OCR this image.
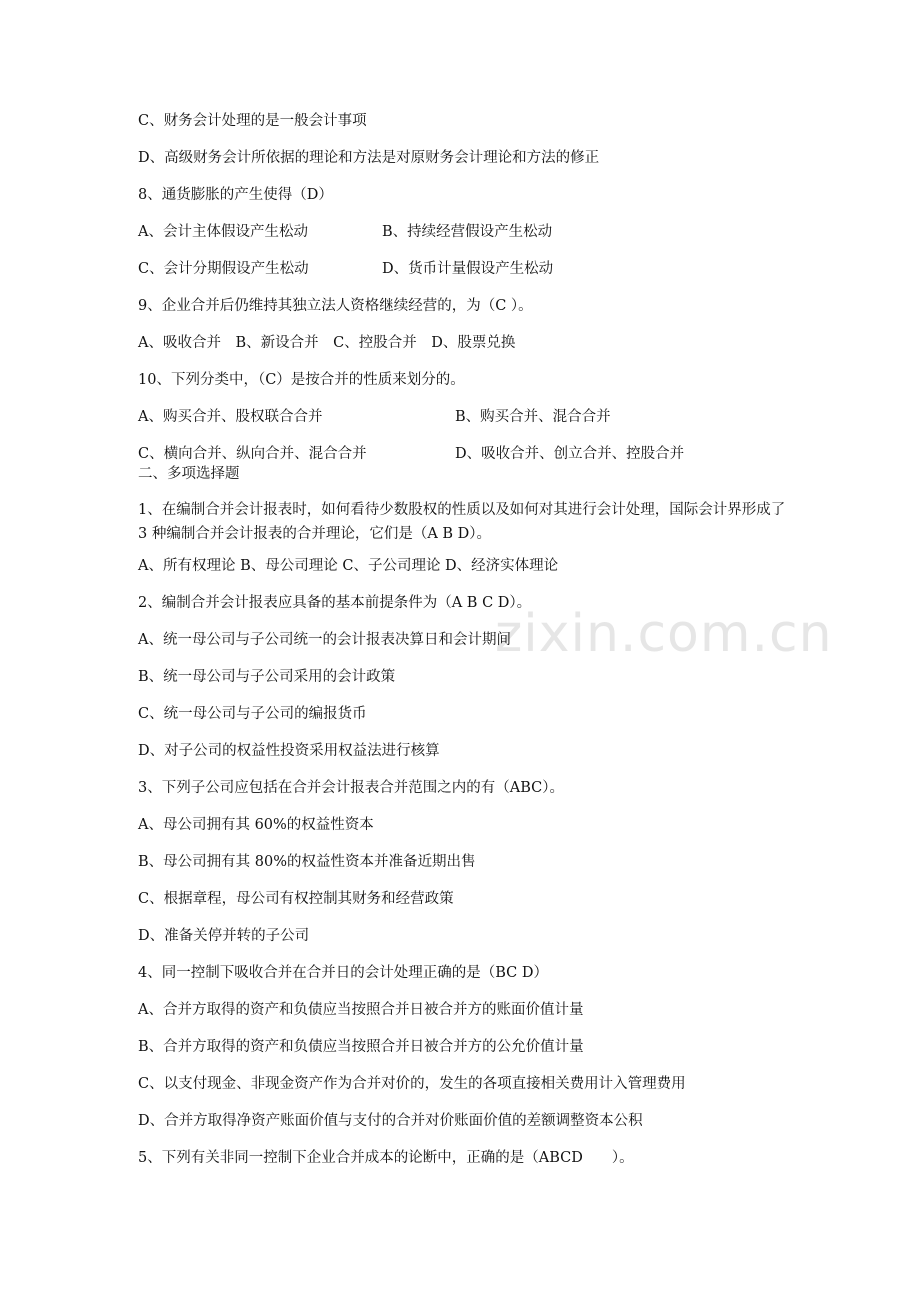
zixin.com.cn
C、财务会计处理的是一般会计事项
D、高级财务会计所依据的理论和方法是对原财务会计理论和方法的修正
8、通货膨胀的产生使得（D）
A、会计主体假设产生松动	B、持续经营假设产生松动
C、会计分期假设产生松动	D、货币计量假设产生松动
9、企业合并后仍维持其独立法人资格继续经营的，为（C ）。
A、吸收合并　B、新设合并　C、控股合并　D、股票兑换
10、下列分类中，（C）是按合并的性质来划分的。
A、购买合并、股权联合合并	B、购买合并、混合合并
C、横向合并、纵向合并、混合合并	D、吸收合并、创立合并、控股合并
二、多项选择题
1、在编制合并会计报表时，如何看待少数股权的性质以及如何对其进行会计处理，国际会计界形成了 3 种编制合并会计报表的合并理论，它们是（A B D）。
A、所有权理论 B、母公司理论 C、子公司理论 D、经济实体理论
2、编制合并会计报表应具备的基本前提条件为（A B C D）。
A、统一母公司与子公司统一的会计报表决算日和会计期间
B、统一母公司与子公司采用的会计政策
C、统一母公司与子公司的编报货币
D、对子公司的权益性投资采用权益法进行核算
3、下列子公司应包括在合并会计报表合并范围之内的有（ABC）。
A、母公司拥有其 60%的权益性资本
B、母公司拥有其 80%的权益性资本并准备近期出售
C、根据章程，母公司有权控制其财务和经营政策
D、准备关停并转的子公司
4、同一控制下吸收合并在合并日的会计处理正确的是（BC D）
A、合并方取得的资产和负债应当按照合并日被合并方的账面价值计量
B、合并方取得的资产和负债应当按照合并日被合并方的公允价值计量
C、以支付现金、非现金资产作为合并对价的，发生的各项直接相关费用计入管理费用
D、合并方取得净资产账面价值与支付的合并对价账面价值的差额调整资本公积
5、下列有关非同一控制下企业合并成本的论断中，正确的是（ABCD　　）。
